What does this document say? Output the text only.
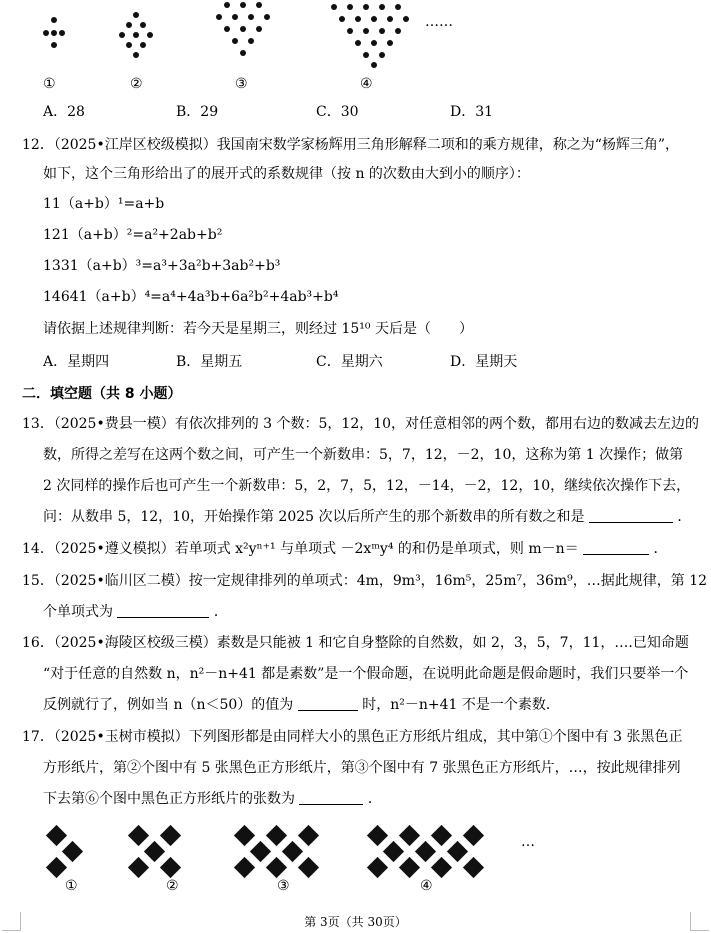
……
①	②	③	④
A．28	B．29	C．30	D．31
12．（2025•江岸区校级模拟）我国南宋数学家杨辉用三角形解释二项和的乘方规律，称之为“杨辉三角”，
如下，这个三角形给出了的展开式的系数规律（按 n 的次数由大到小的顺序）：
11（a+b）¹=a+b
121（a+b）²=a²+2ab+b²
1331（a+b）³=a³+3a²b+3ab²+b³
14641（a+b）⁴=a⁴+4a³b+6a²b²+4ab³+b⁴
请依据上述规律判断：若今天是星期三，则经过 15¹⁰ 天后是（　　）
A．星期四	B．星期五	C．星期六	D．星期天
二．填空题（共 8 小题）
13．（2025•费县一模）有依次排列的 3 个数：5，12，10，对任意相邻的两个数，都用右边的数减去左边的
数，所得之差写在这两个数之间，可产生一个新数串：5，7，12，－2，10，这称为第 1 次操作；做第
2 次同样的操作后也可产生一个新数串：5，2，7，5，12，－14，－2，12，10，继续依次操作下去，
问：从数串 5，12，10，开始操作第 2025 次以后所产生的那个新数串的所有数之和是	．
14．（2025•遵义模拟）若单项式 x²yⁿ⁺¹ 与单项式 －2xᵐy⁴ 的和仍是单项式，则 m－n＝	．
15．（2025•临川区二模）按一定规律排列的单项式：4m，9m³，16m⁵，25m⁷，36m⁹，…据此规律，第 12
个单项式为	．
16．（2025•海陵区校级三模）素数是只能被 1 和它自身整除的自然数，如 2，3，5，7，11，….已知命题
“对于任意的自然数 n，n²－n+41 都是素数”是一个假命题，在说明此命题是假命题时，我们只要举一个
反例就行了，例如当 n（n＜50）的值为	时，n²－n+41 不是一个素数．
17．（2025•玉树市模拟）下列图形都是由同样大小的黑色正方形纸片组成，其中第①个图中有 3 张黑色正
方形纸片，第②个图中有 5 张黑色正方形纸片，第③个图中有 7 张黑色正方形纸片，…，按此规律排列
下去第⑥个图中黑色正方形纸片的张数为	．
…
①	②	③	④
第 3页（共 30页）
